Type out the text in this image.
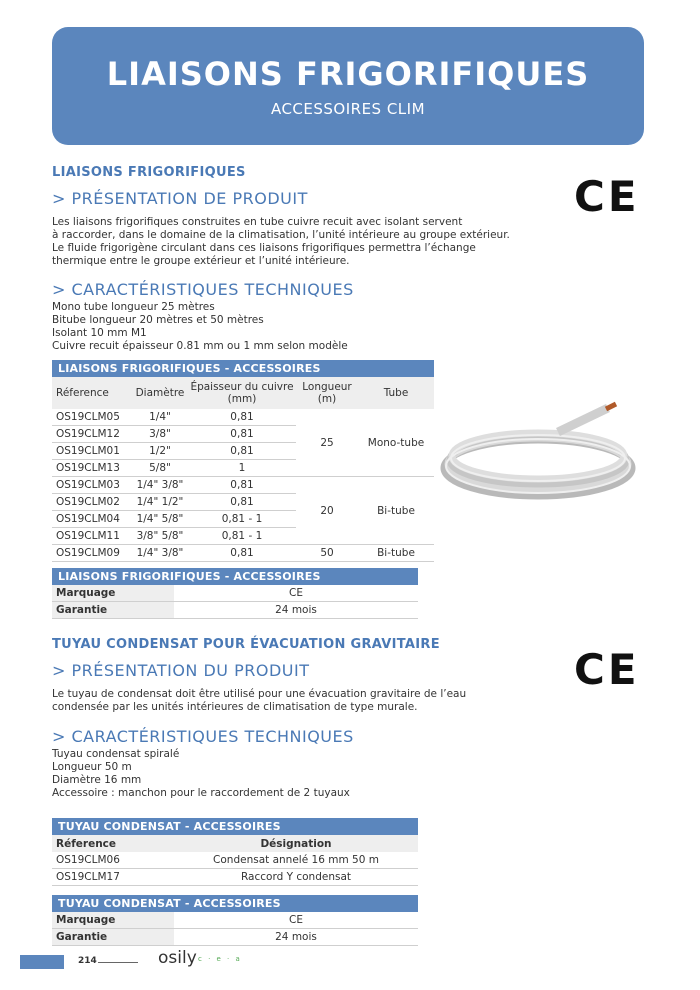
LIAISONS FRIGORIFIQUES
ACCESSOIRES CLIM
LIAISONS FRIGORIFIQUES
> PRÉSENTATION DE PRODUIT	CE
Les liaisons frigorifiques construites en tube cuivre recuit avec isolant servent
à raccorder, dans le domaine de la climatisation, l’unité intérieure au groupe extérieur.
Le fluide frigorigène circulant dans ces liaisons frigorifiques permettra l’échange
thermique entre le groupe extérieur et l’unité intérieure.
> CARACTÉRISTIQUES TECHNIQUES
Mono tube longueur 25 mètres
Bitube longueur 20 mètres et 50 mètres
Isolant 10 mm M1
Cuivre recuit épaisseur 0.81 mm ou 1 mm selon modèle
LIAISONS FRIGORIFIQUES - ACCESSOIRES				
Réference	Diamètre	Épaisseur du cuivre (mm)	Longueur (m)	Tube
OS19CLM05	1/4"	0,81	25	Mono-tube
OS19CLM12	3/8"	0,81		
OS19CLM01	1/2"	0,81		
OS19CLM13	5/8"	1		
OS19CLM03	1/4" 3/8"	0,81	20	Bi-tube
OS19CLM02	1/4" 1/2"	0,81		
OS19CLM04	1/4" 5/8"	0,81 - 1		
OS19CLM11	3/8" 5/8"	0,81 - 1		
OS19CLM09	1/4" 3/8"	0,81	50	Bi-tube
LIAISONS FRIGORIFIQUES - ACCESSOIRES	
Marquage	CE
Garantie	24 mois
TUYAU CONDENSAT POUR ÉVACUATION GRAVITAIRE
> PRÉSENTATION DU PRODUIT	CE
Le tuyau de condensat doit être utilisé pour une évacuation gravitaire de l’eau
condensée par les unités intérieures de climatisation de type murale.
> CARACTÉRISTIQUES TECHNIQUES
Tuyau condensat spiralé
Longueur 50 m
Diamètre 16 mm
Accessoire : manchon pour le raccordement de 2 tuyaux
TUYAU CONDENSAT - ACCESSOIRES	
Réference	Désignation
OS19CLM06	Condensat annelé 16 mm 50 m
OS19CLM17	Raccord Y condensat
TUYAU CONDENSAT - ACCESSOIRES	
Marquage	CE
Garantie	24 mois
214	osily c · e · a
